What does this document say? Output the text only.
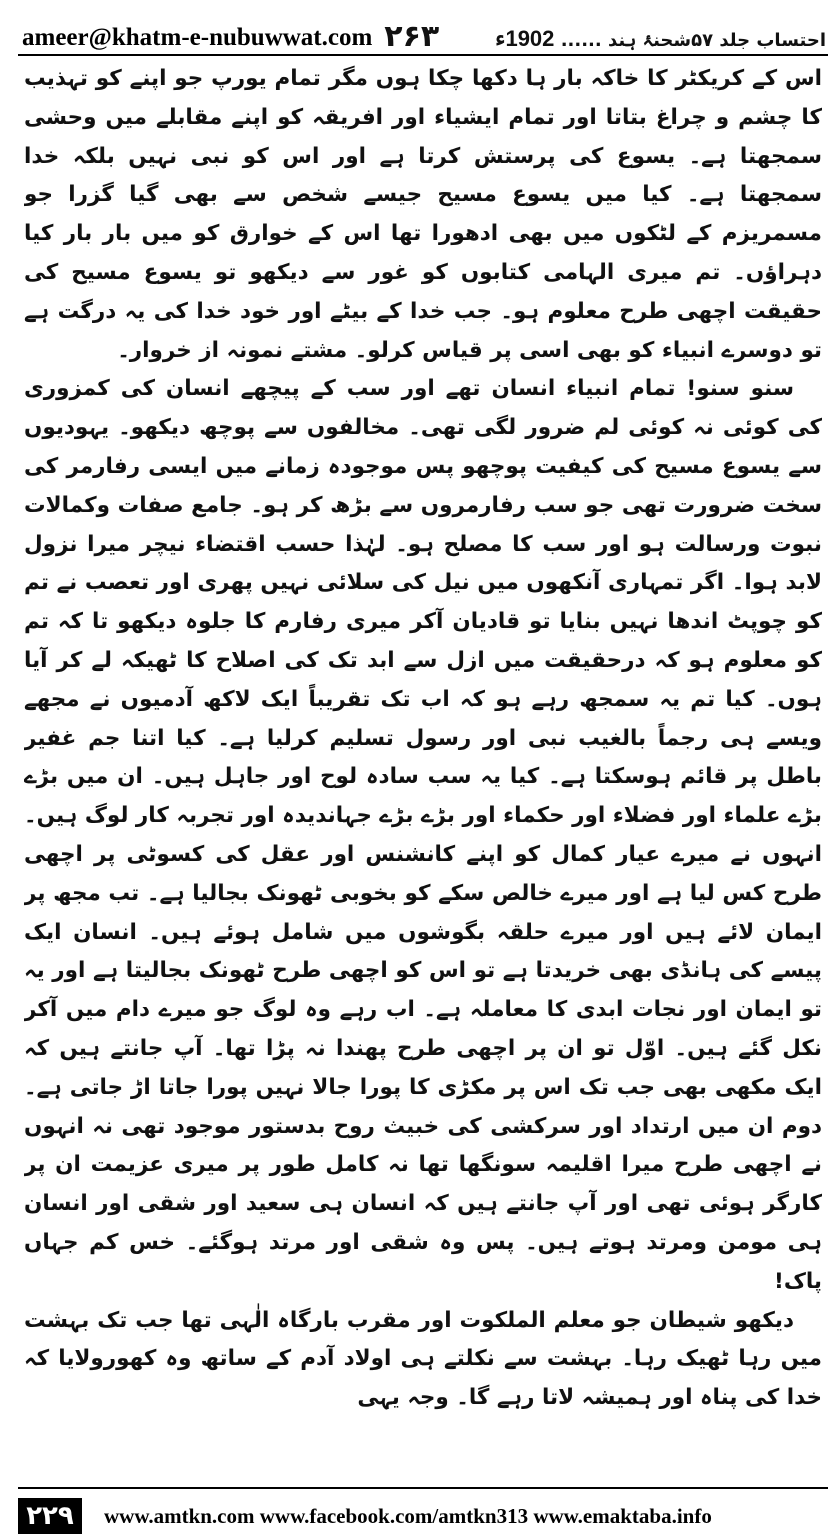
ameer@khatm-e-nubuwwat.com ۲۶۳	احتساب جلد ۵۷شحنۂ ہند ...... 1902ء

اس کے کریکٹر کا خاکہ بار ہا دکھا چکا ہوں مگر تمام یورپ جو اپنے کو تہذیب کا چشم و چراغ بتاتا اور تمام ایشیاء اور افریقہ کو اپنے مقابلے میں وحشی سمجھتا ہے۔ یسوع کی پرستش کرتا ہے اور اس کو نبی نہیں بلکہ خدا سمجھتا ہے۔ کیا میں یسوع مسیح جیسے شخص سے بھی گیا گزرا جو مسمریزم کے لٹکوں میں بھی ادھورا تھا اس کے خوارق کو میں بار بار کیا دہراؤں۔ تم میری الہامی کتابوں کو غور سے دیکھو تو یسوع مسیح کی حقیقت اچھی طرح معلوم ہو۔ جب خدا کے بیٹے اور خود خدا کی یہ درگت ہے تو دوسرے انبیاء کو بھی اسی پر قیاس کرلو۔ مشتے نمونہ از خروار۔

سنو سنو! تمام انبیاء انسان تھے اور سب کے پیچھے انسان کی کمزوری کی کوئی نہ کوئی لم ضرور لگی تھی۔ مخالفوں سے پوچھ دیکھو۔ یہودیوں سے یسوع مسیح کی کیفیت پوچھو پس موجودہ زمانے میں ایسی رفارمر کی سخت ضرورت تھی جو سب رفارمروں سے بڑھ کر ہو۔ جامع صفات وکمالات نبوت ورسالت ہو اور سب کا مصلح ہو۔ لہٰذا حسب اقتضاء نیچر میرا نزول لابد ہوا۔ اگر تمہاری آنکھوں میں نیل کی سلائی نہیں پھری اور تعصب نے تم کو چوپٹ اندھا نہیں بنایا تو قادیان آکر میری رفارم کا جلوہ دیکھو تا کہ تم کو معلوم ہو کہ درحقیقت میں ازل سے ابد تک کی اصلاح کا ٹھیکہ لے کر آیا ہوں۔ کیا تم یہ سمجھ رہے ہو کہ اب تک تقریباً ایک لاکھ آدمیوں نے مجھے ویسے ہی رجماً بالغیب نبی اور رسول تسلیم کرلیا ہے۔ کیا اتنا جم غفیر باطل پر قائم ہوسکتا ہے۔ کیا یہ سب سادہ لوح اور جاہل ہیں۔ ان میں بڑے بڑے علماء اور فضلاء اور حکماء اور بڑے بڑے جہاندیدہ اور تجربہ کار لوگ ہیں۔ انہوں نے میرے عیار کمال کو اپنے کانشنس اور عقل کی کسوٹی پر اچھی طرح کس لیا ہے اور میرے خالص سکے کو بخوبی ٹھونک بجالیا ہے۔ تب مجھ پر ایمان لائے ہیں اور میرے حلقہ بگوشوں میں شامل ہوئے ہیں۔ انسان ایک پیسے کی ہانڈی بھی خریدتا ہے تو اس کو اچھی طرح ٹھونک بجالیتا ہے اور یہ تو ایمان اور نجات ابدی کا معاملہ ہے۔ اب رہے وہ لوگ جو میرے دام میں آکر نکل گئے ہیں۔ اوّل تو ان پر اچھی طرح پھندا نہ پڑا تھا۔ آپ جانتے ہیں کہ ایک مکھی بھی جب تک اس پر مکڑی کا پورا جالا نہیں پورا جاتا اڑ جاتی ہے۔ دوم ان میں ارتداد اور سرکشی کی خبیث روح بدستور موجود تھی نہ انہوں نے اچھی طرح میرا اقلیمہ سونگھا تھا نہ کامل طور پر میری عزیمت ان پر کارگر ہوئی تھی اور آپ جانتے ہیں کہ انسان ہی سعید اور شقی اور انسان ہی مومن ومرتد ہوتے ہیں۔ پس وہ شقی اور مرتد ہوگئے۔ خس کم جہاں پاک!

دیکھو شیطان جو معلم الملکوت اور مقرب بارگاہ الٰہی تھا جب تک بہشت میں رہا ٹھیک رہا۔ بہشت سے نکلتے ہی اولاد آدم کے ساتھ وہ کھورولایا کہ خدا کی پناہ اور ہمیشہ لاتا رہے گا۔ وجہ یہی

۲۲۹ www.amtkn.com www.facebook.com/amtkn313 www.emaktaba.info
